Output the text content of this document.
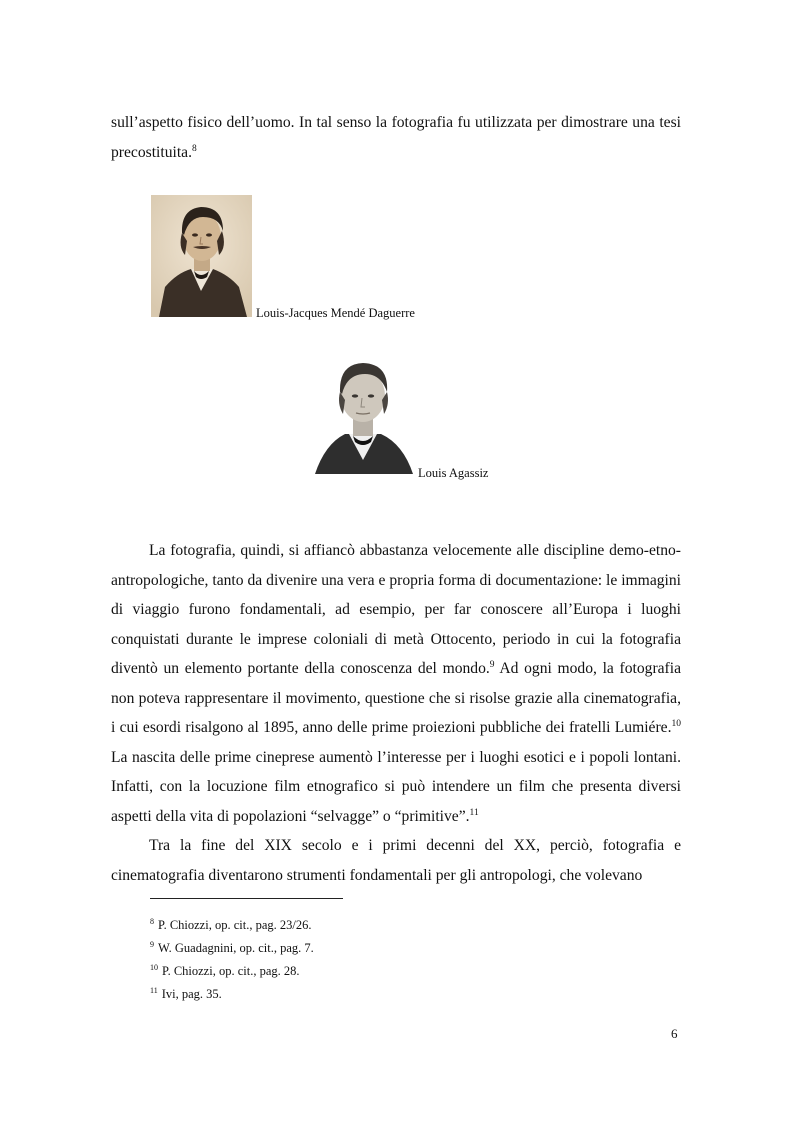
sull’aspetto fisico dell’uomo. In tal senso la fotografia fu utilizzata per dimostrare una tesi precostituita.$^8$
Louis-Jacques Mendé Daguerre
Louis Agassiz

La fotografia, quindi, si affiancò abbastanza velocemente alle discipline demo-etno-antropologiche, tanto da divenire una vera e propria forma di documentazione: le immagini di viaggio furono fondamentali, ad esempio, per far conoscere all’Europa i luoghi conquistati durante le imprese coloniali di metà Ottocento, periodo in cui la fotografia diventò un elemento portante della conoscenza del mondo.$^9$ Ad ogni modo, la fotografia non poteva rappresentare il movimento, questione che si risolse grazie alla cinematografia, i cui esordi risalgono al 1895, anno delle prime proiezioni pubbliche dei fratelli Lumiére.$^{10}$ La nascita delle prime cineprese aumentò l’interesse per i luoghi esotici e i popoli lontani. Infatti, con la locuzione film etnografico si può intendere un film che presenta diversi aspetti della vita di popolazioni “selvagge” o “primitive”.$^{11}$

Tra la fine del XIX secolo e i primi decenni del XX, perciò, fotografia e cinematografia diventarono strumenti fondamentali per gli antropologi, che volevano

$^8$ P. Chiozzi, op. cit., pag. 23/26.
$^9$ W. Guadagnini, op. cit., pag. 7.
$^{10}$ P. Chiozzi, op. cit., pag. 28.
$^{11}$ Ivi, pag. 35.
6
